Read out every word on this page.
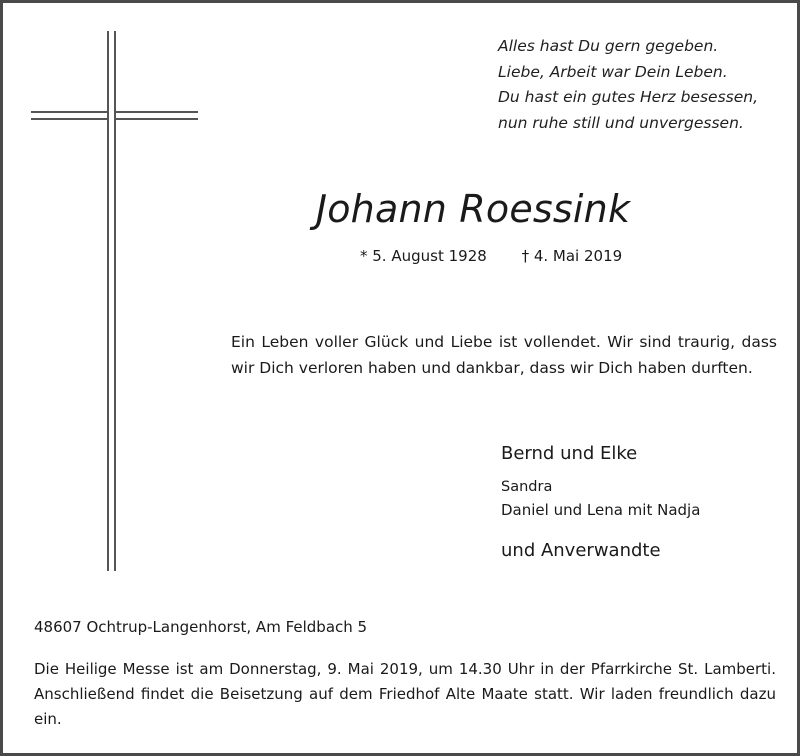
Alles hast Du gern gegeben.
Liebe, Arbeit war Dein Leben.
Du hast ein gutes Herz besessen,
nun ruhe still und unvergessen.
Johann Roessink
* 5. August 1928 † 4. Mai 2019
Ein Leben voller Glück und Liebe ist vollendet. Wir sind traurig, dass wir Dich verloren haben und dankbar, dass wir Dich haben durften.
Bernd und Elke
Sandra
Daniel und Lena mit Nadja
und Anverwandte
48607 Ochtrup-Langenhorst, Am Feldbach 5
Die Heilige Messe ist am Donnerstag, 9. Mai 2019, um 14.30 Uhr in der Pfarrkirche St. Lamberti. Anschließend findet die Beisetzung auf dem Friedhof Alte Maate statt. Wir laden freundlich dazu ein.
